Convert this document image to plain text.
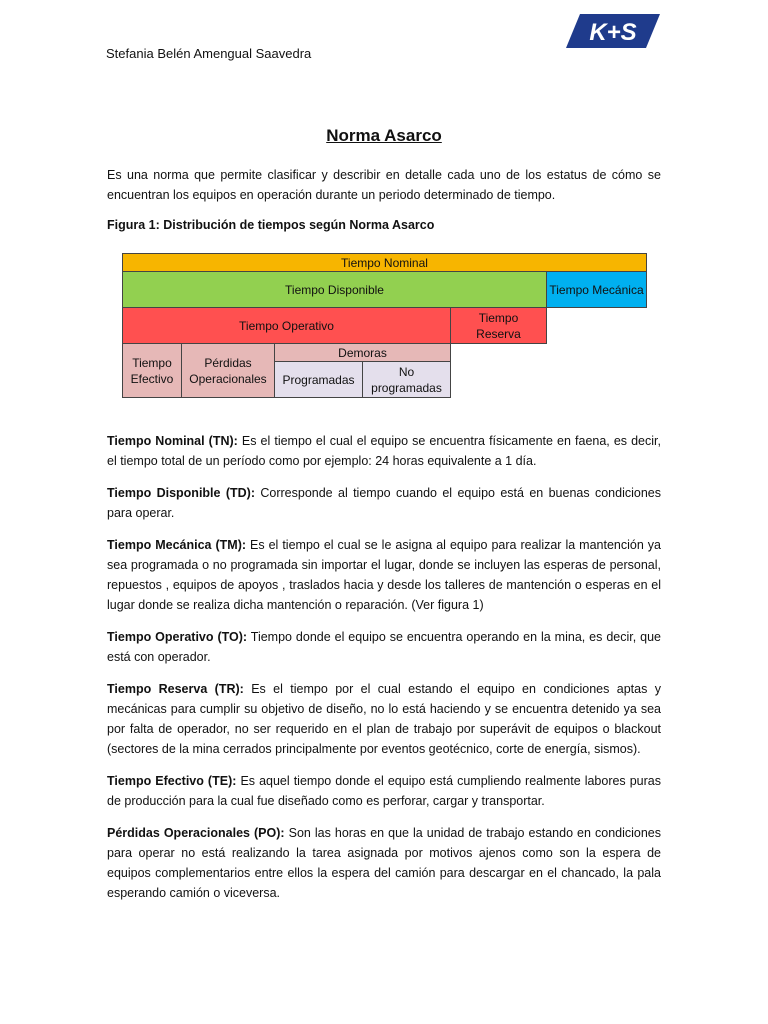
Stefania Belén Amengual Saavedra
K+S
Norma Asarco
Es una norma que permite clasificar y describir en detalle cada uno de los estatus de cómo se encuentran los equipos en operación durante un periodo determinado de tiempo.
Figura 1: Distribución de tiempos según Norma Asarco
Tiempo Nominal
Tiempo Disponible	Tiempo Mecánica
Tiempo Operativo
Tiempo Reserva
Tiempo Efectivo
Pérdidas Operacionales
Demoras
Programadas
No programadas

Tiempo Nominal (TN): Es el tiempo el cual el equipo se encuentra físicamente en faena, es decir, el tiempo total de un período como por ejemplo: 24 horas equivalente a 1 día.

Tiempo Disponible (TD): Corresponde al tiempo cuando el equipo está en buenas condiciones para operar.

Tiempo Mecánica (TM): Es el tiempo el cual se le asigna al equipo para realizar la mantención ya sea programada o no programada sin importar el lugar, donde se incluyen las esperas de personal, repuestos , equipos de apoyos , traslados hacia y desde los talleres de mantención o esperas en el lugar donde se realiza dicha mantención o reparación. (Ver figura 1)

Tiempo Operativo (TO): Tiempo donde el equipo se encuentra operando en la mina, es decir, que está con operador.

Tiempo Reserva (TR): Es el tiempo por el cual estando el equipo en condiciones aptas y mecánicas para cumplir su objetivo de diseño, no lo está haciendo y se encuentra detenido ya sea por falta de operador, no ser requerido en el plan de trabajo por superávit de equipos o blackout (sectores de la mina cerrados principalmente por eventos geotécnico, corte de energía, sismos).

Tiempo Efectivo (TE): Es aquel tiempo donde el equipo está cumpliendo realmente labores puras de producción para la cual fue diseñado como es perforar, cargar y transportar.

Pérdidas Operacionales (PO): Son las horas en que la unidad de trabajo estando en condiciones para operar no está realizando la tarea asignada por motivos ajenos como son la espera de equipos complementarios entre ellos la espera del camión para descargar en el chancado, la pala esperando camión o viceversa.
